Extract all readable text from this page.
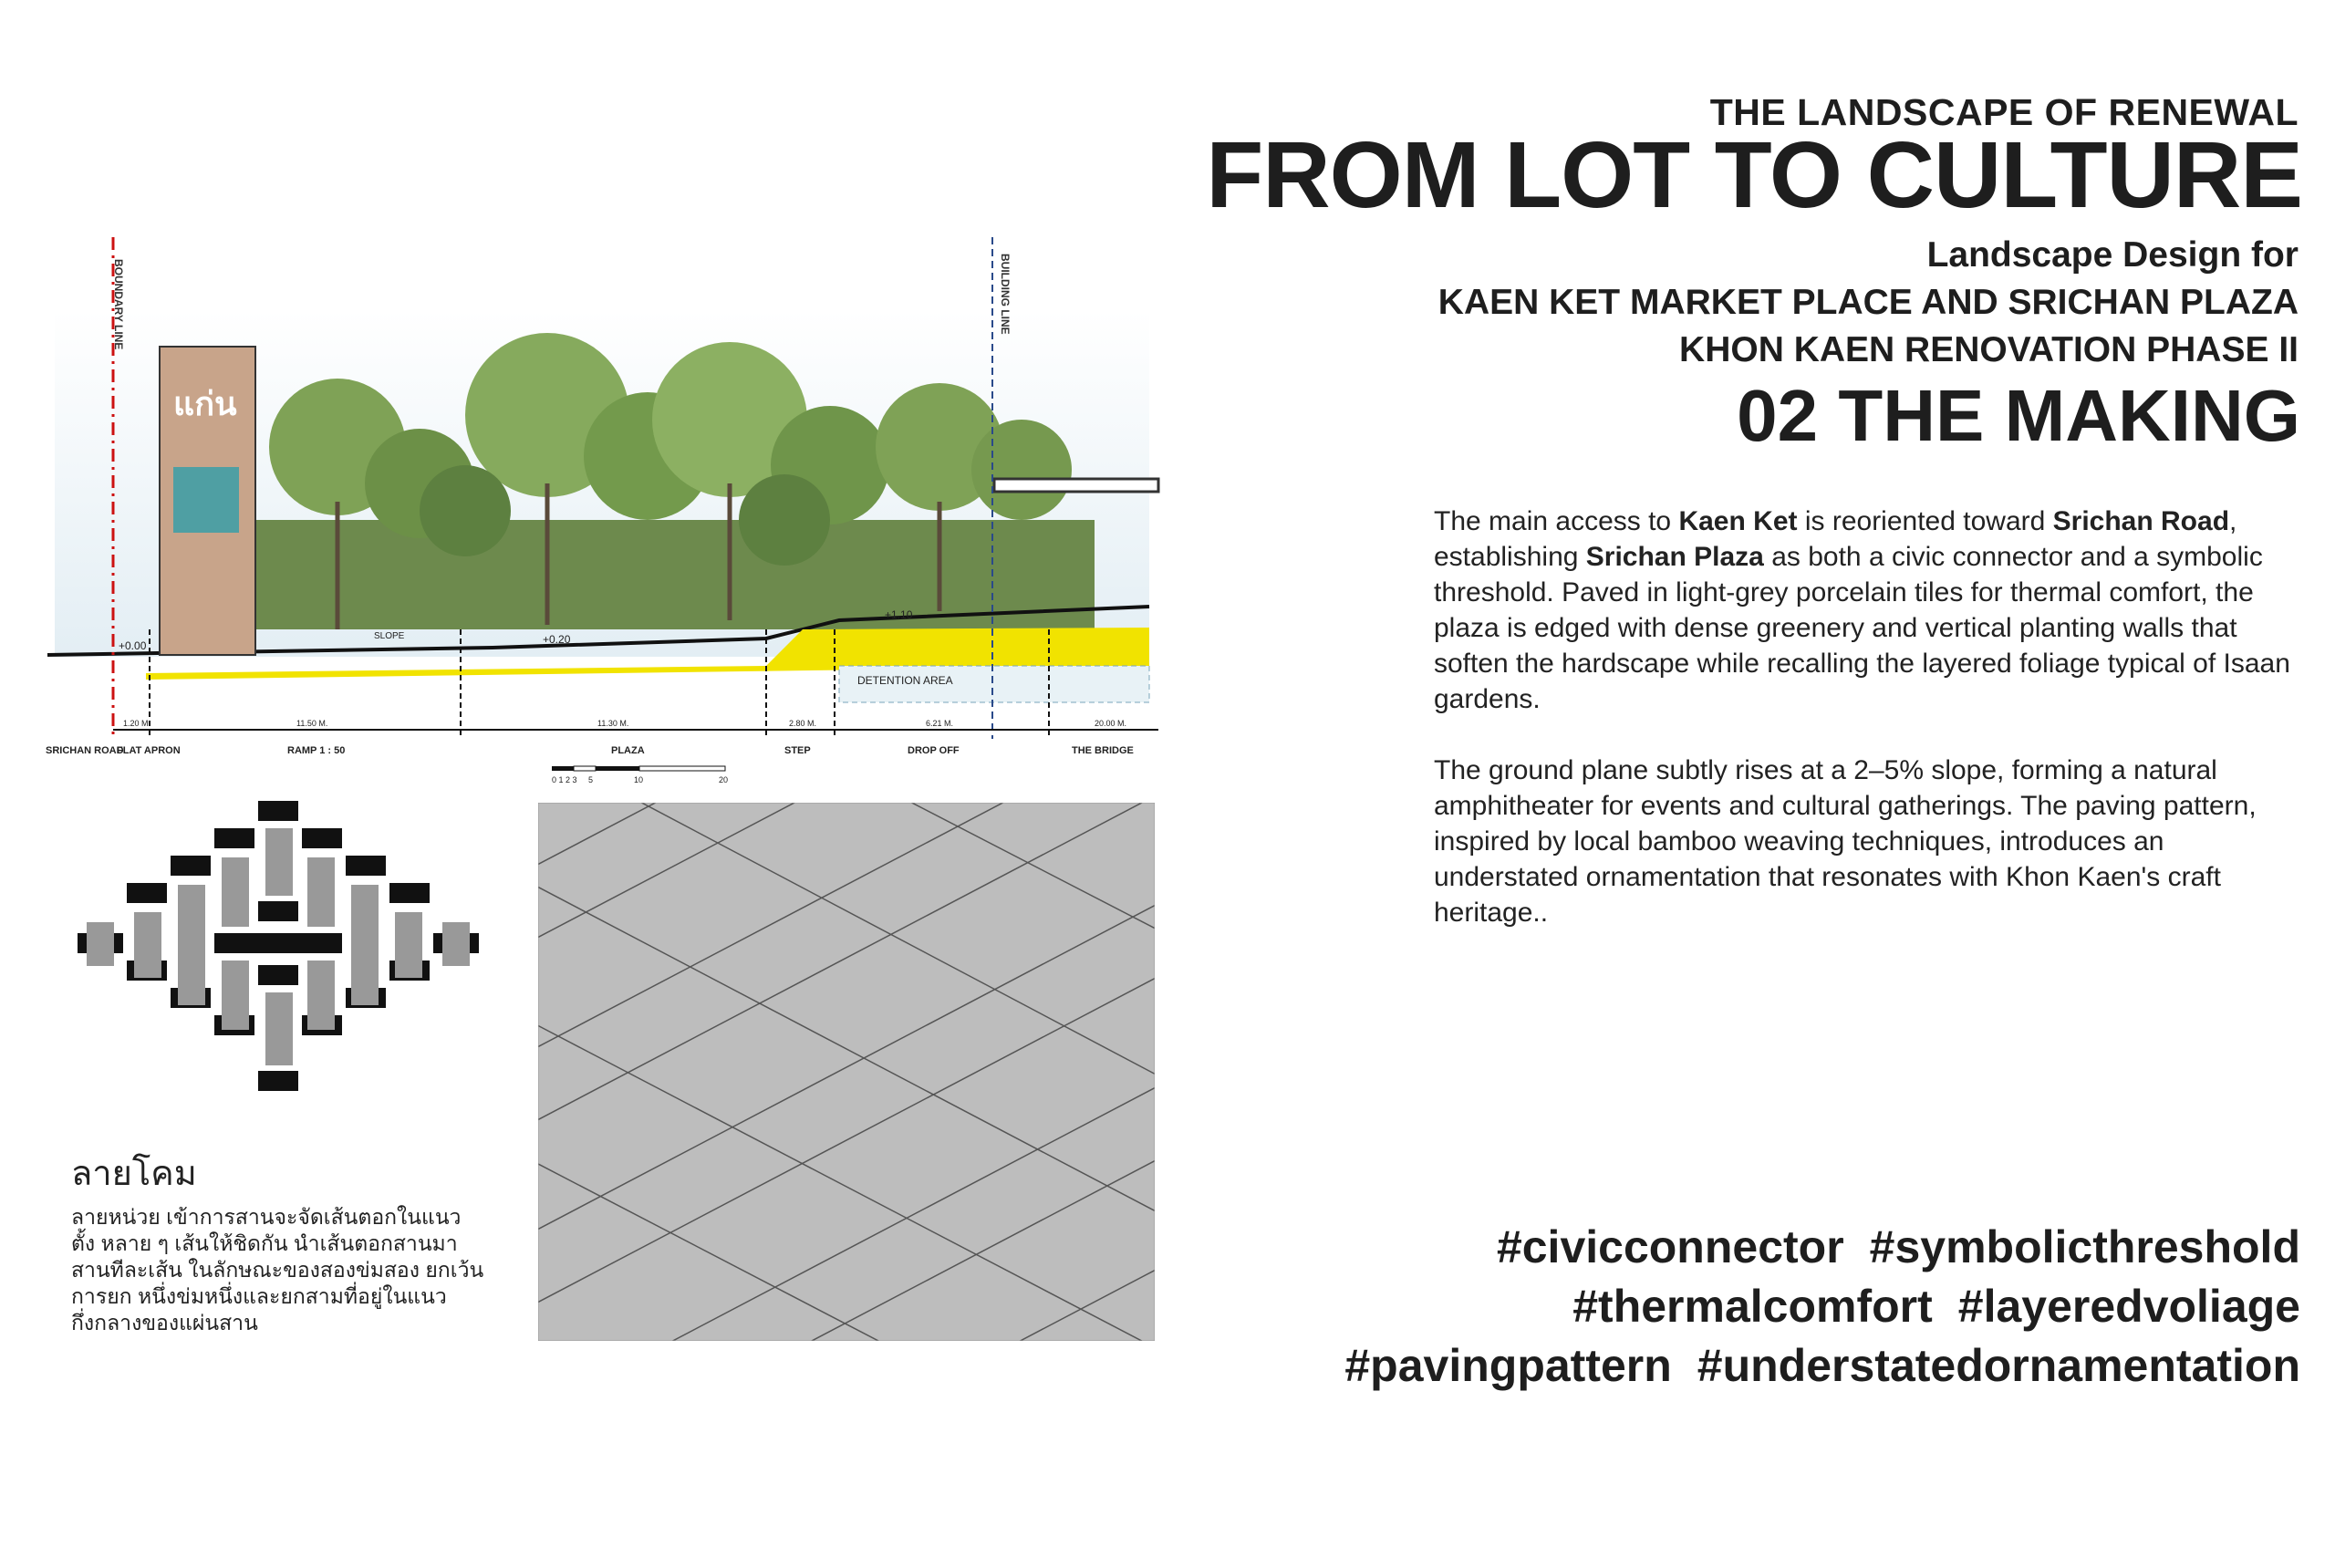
THE LANDSCAPE OF RENEWAL
FROM LOT TO CULTURE
Landscape Design for
KAEN KET MARKET PLACE AND SRICHAN PLAZA
KHON KAEN RENOVATION PHASE II
02 THE MAKING

The main access to Kaen Ket is reoriented toward Srichan Road, establishing Srichan Plaza as both a civic connector and a symbolic threshold. Paved in light-grey porcelain tiles for thermal comfort, the plaza is edged with dense greenery and vertical planting walls that soften the hardscape while recalling the layered foliage typical of Isaan gardens.

The ground plane subtly rises at a 2–5% slope, forming a natural amphitheater for events and cultural gatherings. The paving pattern, inspired by local bamboo weaving techniques, introduces an understated ornamentation that resonates with Khon Kaen's craft heritage..

#civicconnector #symbolicthreshold
#thermalcomfort #layeredvoliage
#pavingpattern #understatedornamentation
DETENTION AREA
แก่น
BOUNDARY LINE	BUILDING LINE
+0.00	+0.20
+1.10
SLOPE
1.20 M.	11.50 M.	11.30 M.	2.80 M.	6.21 M.	20.00 M.
SRICHAN ROAD
FLAT APRON	RAMP 1 : 50	PLAZA	STEP	DROP OFF	THE BRIDGE
0 1 2 3 5	10	20
ลายโคม
ลายหน่วย เข้าการสานจะจัดเส้นตอกในแนว
ตั้ง หลาย ๆ เส้นให้ชิดกัน นำเส้นตอกสานมา
สานทีละเส้น ในลักษณะของสองข่มสอง ยกเว้น
การยก หนึ่งข่มหนึ่งและยกสามที่อยู่ในแนว
กึ่งกลางของแผ่นสาน
